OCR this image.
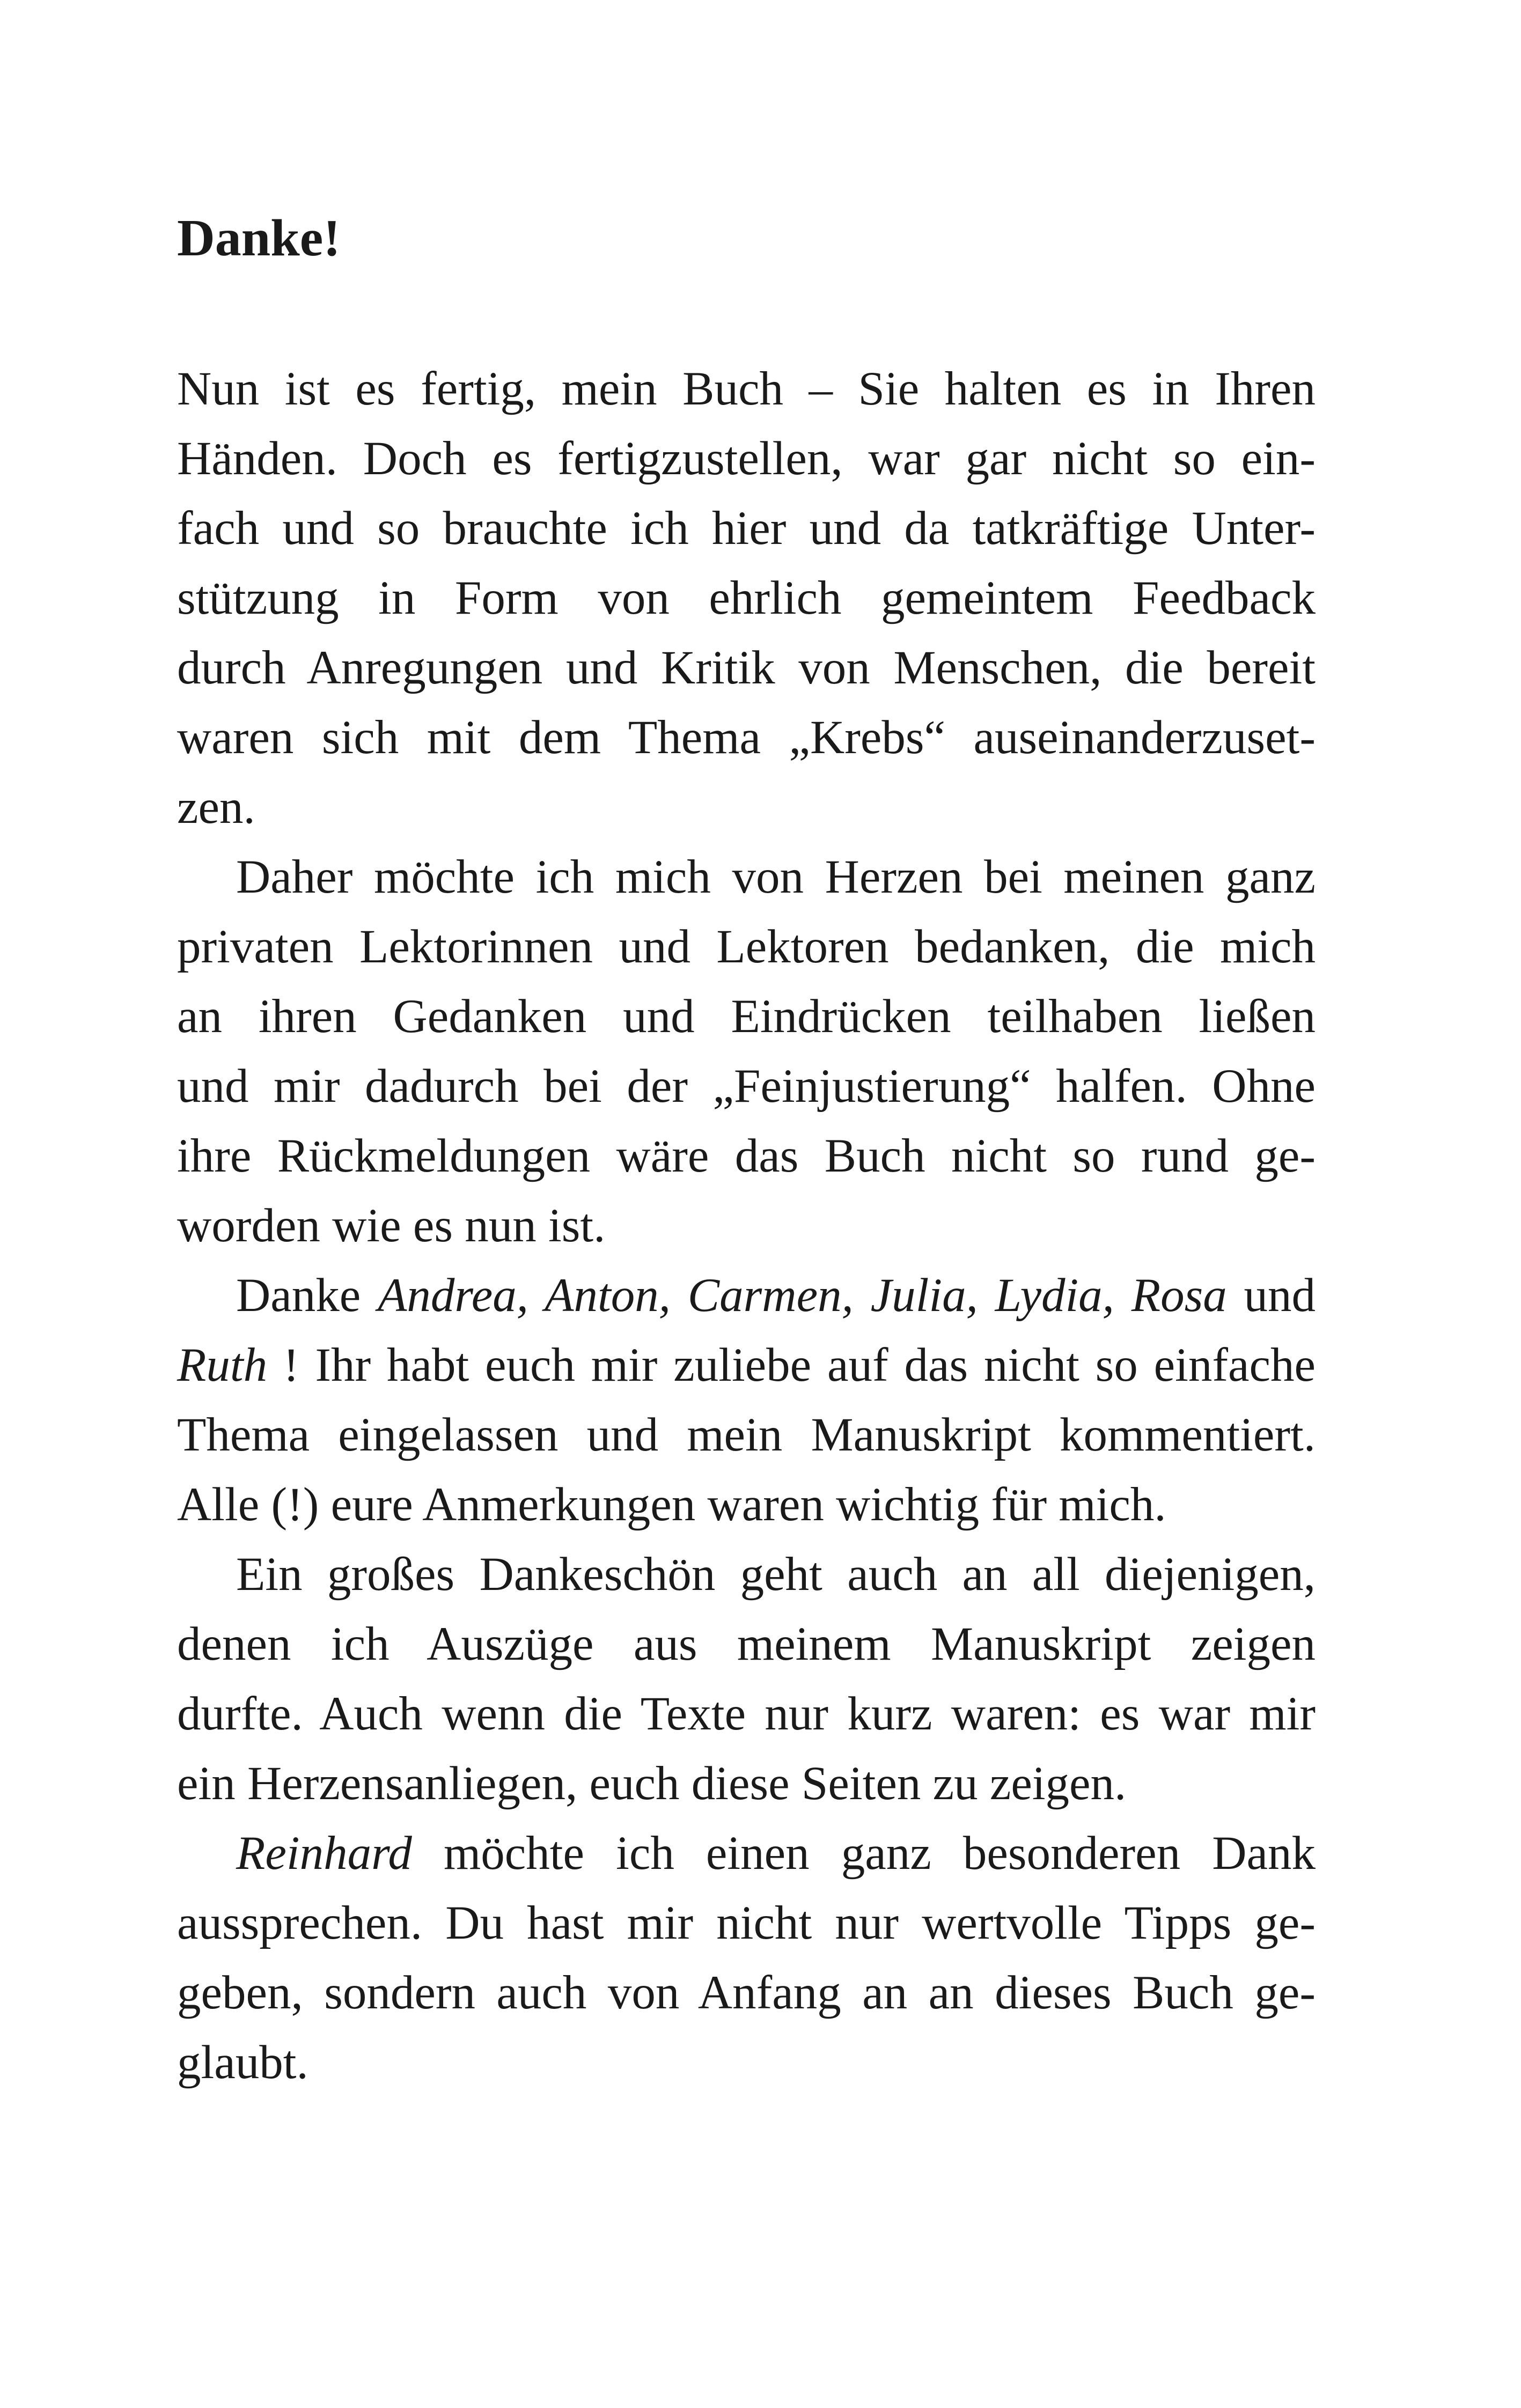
Danke!

Nun ist es fertig, mein Buch – Sie halten es in Ihren

Händen. Doch es fertigzustellen, war gar nicht so ein-

fach und so brauchte ich hier und da tatkräftige Unter-

stützung in Form von ehrlich gemeintem Feedback

durch Anregungen und Kritik von Menschen, die bereit

waren sich mit dem Thema „Krebs“ auseinanderzuset-

zen.

Daher möchte ich mich von Herzen bei meinen ganz

privaten Lektorinnen und Lektoren bedanken, die mich

an ihren Gedanken und Eindrücken teilhaben ließen

und mir dadurch bei der „Feinjustierung“ halfen. Ohne

ihre Rückmeldungen wäre das Buch nicht so rund ge-

worden wie es nun ist.

Danke Andrea, Anton, Carmen, Julia, Lydia, Rosa und

Ruth ! Ihr habt euch mir zuliebe auf das nicht so einfache

Thema eingelassen und mein Manuskript kommentiert.

Alle (!) eure Anmerkungen waren wichtig für mich.

Ein großes Dankeschön geht auch an all diejenigen,

denen ich Auszüge aus meinem Manuskript zeigen

durfte. Auch wenn die Texte nur kurz waren: es war mir

ein Herzensanliegen, euch diese Seiten zu zeigen.

Reinhard möchte ich einen ganz besonderen Dank

aussprechen. Du hast mir nicht nur wertvolle Tipps ge-

geben, sondern auch von Anfang an an dieses Buch ge-

glaubt.
